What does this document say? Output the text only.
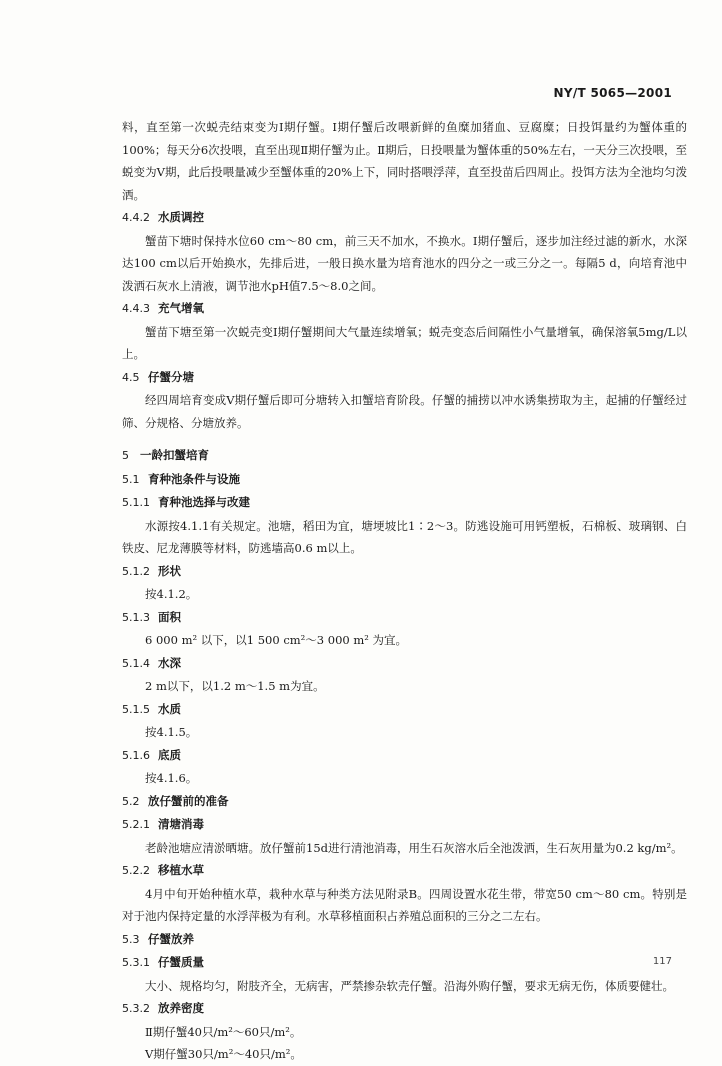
NY/T 5065—2001

料，直至第一次蜕壳结束变为Ⅰ期仔蟹。Ⅰ期仔蟹后改喂新鲜的鱼糜加猪血、豆腐糜；日投饵量约为蟹体重的100%；每天分6次投喂，直至出现Ⅱ期仔蟹为止。Ⅱ期后，日投喂量为蟹体重的50%左右，一天分三次投喂，至蜕变为Ⅴ期，此后投喂量减少至蟹体重的20%上下，同时搭喂浮萍，直至投苗后四周止。投饵方法为全池均匀泼洒。

4.4.2 水质调控

蟹苗下塘时保持水位60 cm～80 cm，前三天不加水，不换水。Ⅰ期仔蟹后，逐步加注经过滤的新水，水深达100 cm以后开始换水，先排后进，一般日换水量为培育池水的四分之一或三分之一。每隔5 d，向培育池中泼洒石灰水上清液，调节池水pH值7.5～8.0之间。

4.4.3 充气增氧

蟹苗下塘至第一次蜕壳变Ⅰ期仔蟹期间大气量连续增氧；蜕壳变态后间隔性小气量增氧，确保溶氧5mg/L以上。

4.5 仔蟹分塘

经四周培育变成Ⅴ期仔蟹后即可分塘转入扣蟹培育阶段。仔蟹的捕捞以冲水诱集捞取为主，起捕的仔蟹经过筛、分规格、分塘放养。

5 一龄扣蟹培育
5.1 育种池条件与设施
5.1.1 育种池选择与改建

水源按4.1.1有关规定。池塘，稻田为宜，塘埂坡比1∶2～3。防逃设施可用钙塑板，石棉板、玻璃钢、白铁皮、尼龙薄膜等材料，防逃墙高0.6 m以上。

5.1.2 形状

按4.1.2。

5.1.3 面积

6 000 m² 以下，以1 500 cm²～3 000 m² 为宜。

5.1.4 水深

2 m以下，以1.2 m～1.5 m为宜。

5.1.5 水质

按4.1.5。

5.1.6 底质

按4.1.6。

5.2 放仔蟹前的准备
5.2.1 清塘消毒

老龄池塘应清淤晒塘。放仔蟹前15d进行清池消毒，用生石灰溶水后全池泼洒，生石灰用量为0.2 kg/m²。

5.2.2 移植水草

4月中旬开始种植水草，栽种水草与种类方法见附录B。四周设置水花生带，带宽50 cm～80 cm。特别是对于池内保持定量的水浮萍极为有利。水草移植面积占养殖总面积的三分之二左右。

5.3 仔蟹放养
5.3.1 仔蟹质量

大小、规格均匀，附肢齐全，无病害，严禁掺杂软壳仔蟹。沿海外购仔蟹，要求无病无伤，体质要健壮。

5.3.2 放养密度

Ⅱ期仔蟹40只/m²～60只/m²。

Ⅴ期仔蟹30只/m²～40只/m²。

117
